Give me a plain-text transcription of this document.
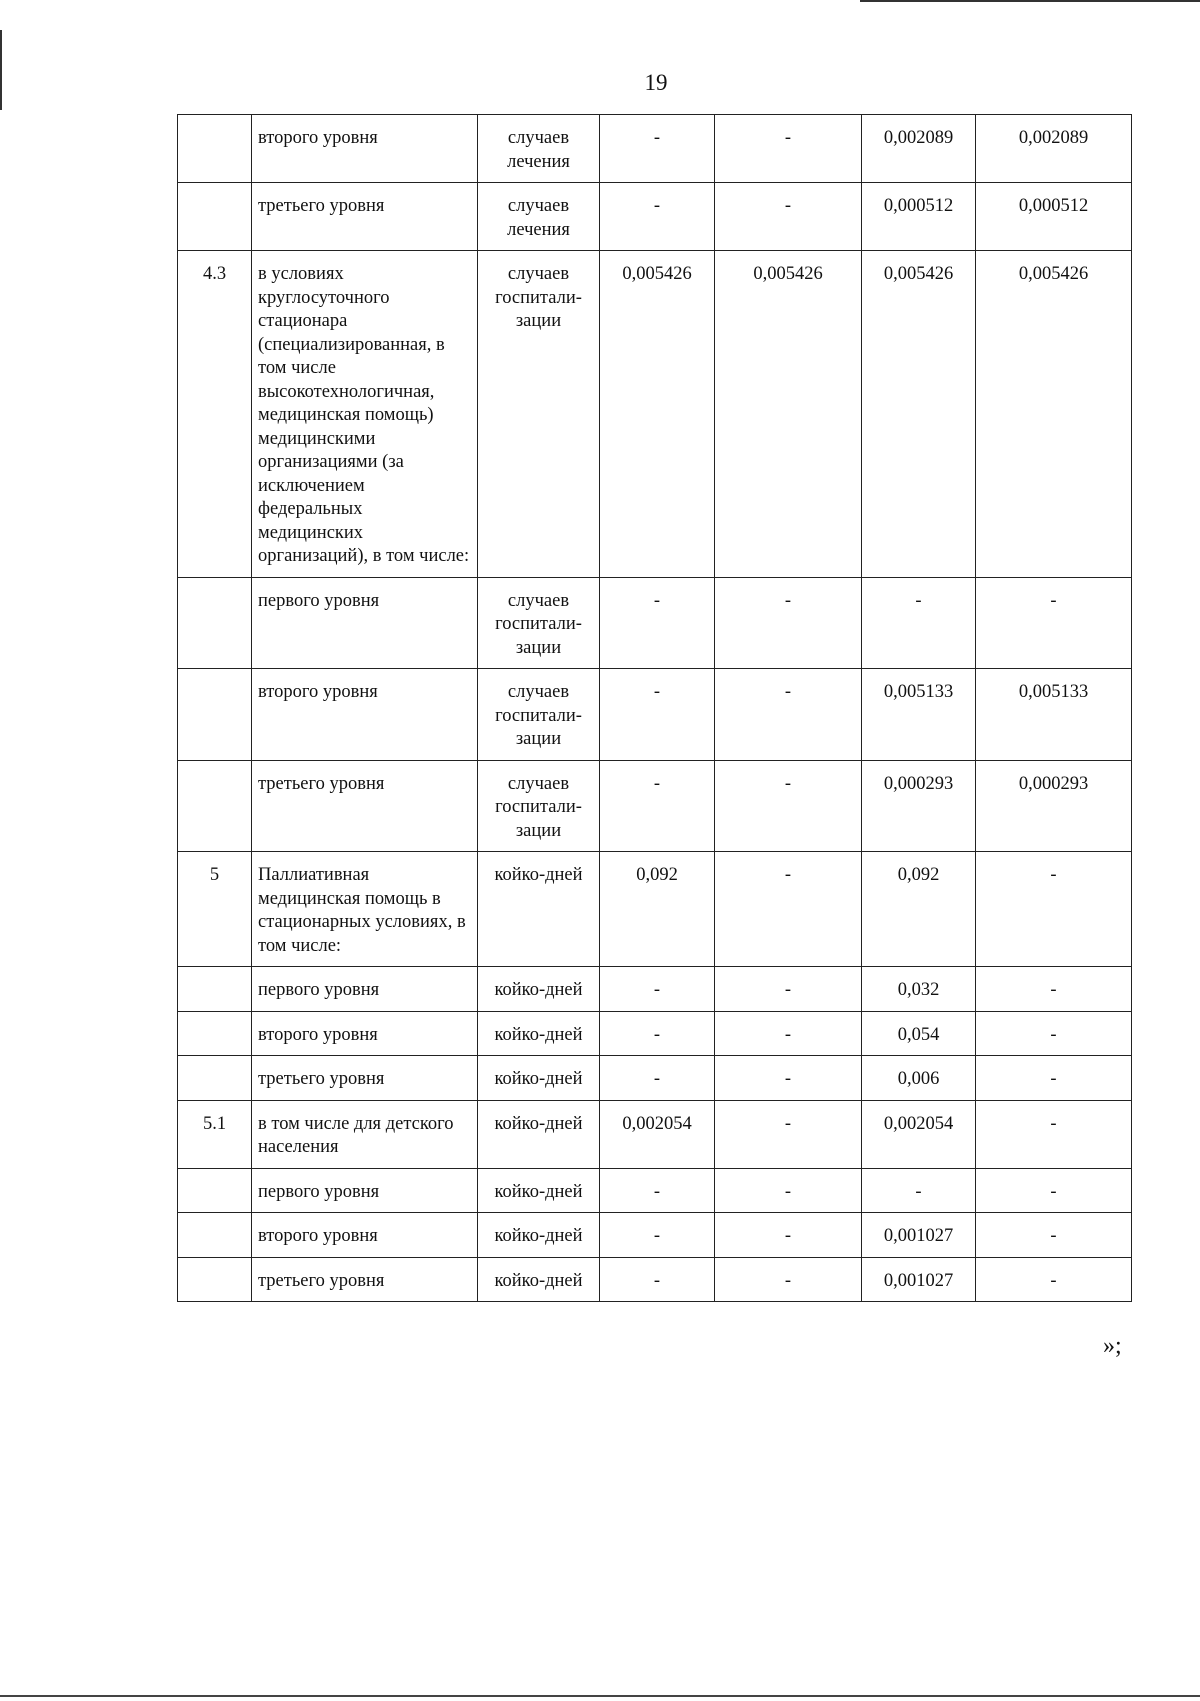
19
	второго уровня	случаев лечения	-	-	0,002089	0,002089
	третьего уровня	случаев лечения	-	-	0,000512	0,000512
4.3	в условиях круглосуточного стационара (специализированная, в том числе высокотехнологичная, медицинская помощь) медицинскими организациями (за исключением федеральных медицинских организаций), в том числе:	случаев госпитали-зации	0,005426	0,005426	0,005426	0,005426
	первого уровня	случаев госпитали-зации	-	-	-	-
	второго уровня	случаев госпитали-зации	-	-	0,005133	0,005133
	третьего уровня	случаев госпитали-зации	-	-	0,000293	0,000293
5	Паллиативная медицинская помощь в стационарных условиях, в том числе:	койко-дней	0,092	-	0,092	-
	первого уровня	койко-дней	-	-	0,032	-
	второго уровня	койко-дней	-	-	0,054	-
	третьего уровня	койко-дней	-	-	0,006	-
5.1	в том числе для детского населения	койко-дней	0,002054	-	0,002054	-
	первого уровня	койко-дней	-	-	-	-
	второго уровня	койко-дней	-	-	0,001027	-
	третьего уровня	койко-дней	-	-	0,001027	-
»;
